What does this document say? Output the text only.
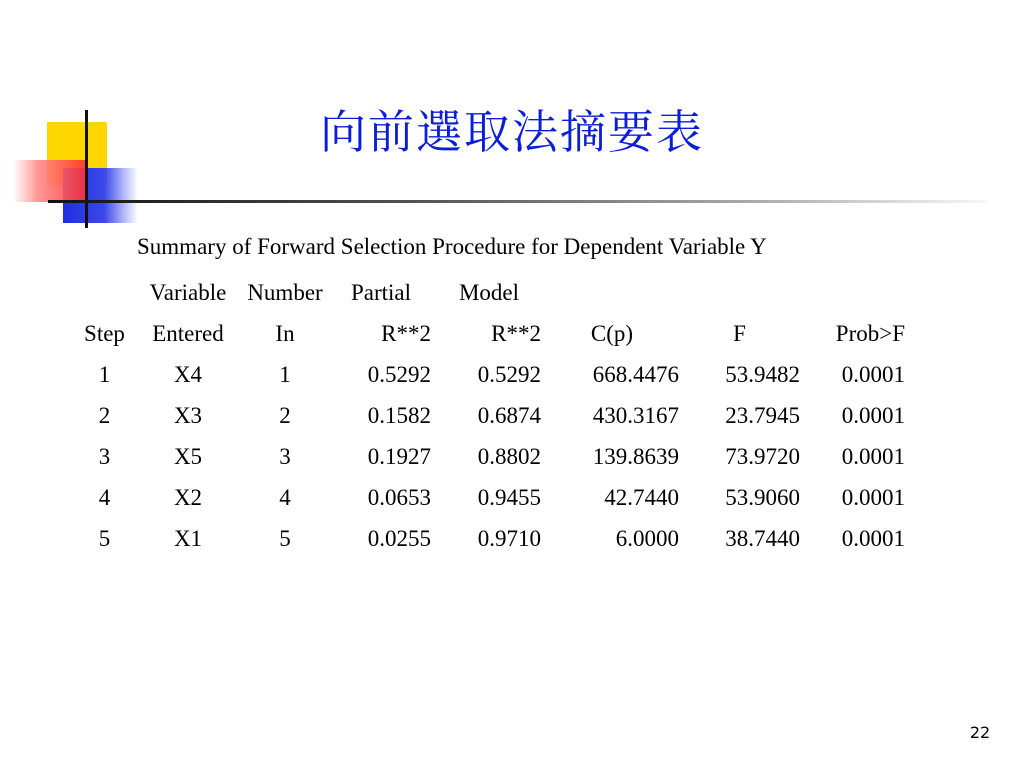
向前選取法摘要表
Summary of Forward Selection Procedure for Dependent Variable Y
	Variable	Number	Partial	Model			
Step	Entered	In	R**2	R**2	C(p)	F	Prob>F
1	X4	1	0.5292	0.5292	668.4476	53.9482	0.0001
2	X3	2	0.1582	0.6874	430.3167	23.7945	0.0001
3	X5	3	0.1927	0.8802	139.8639	73.9720	0.0001
4	X2	4	0.0653	0.9455	42.7440	53.9060	0.0001
5	X1	5	0.0255	0.9710	6.0000	38.7440	0.0001
22
